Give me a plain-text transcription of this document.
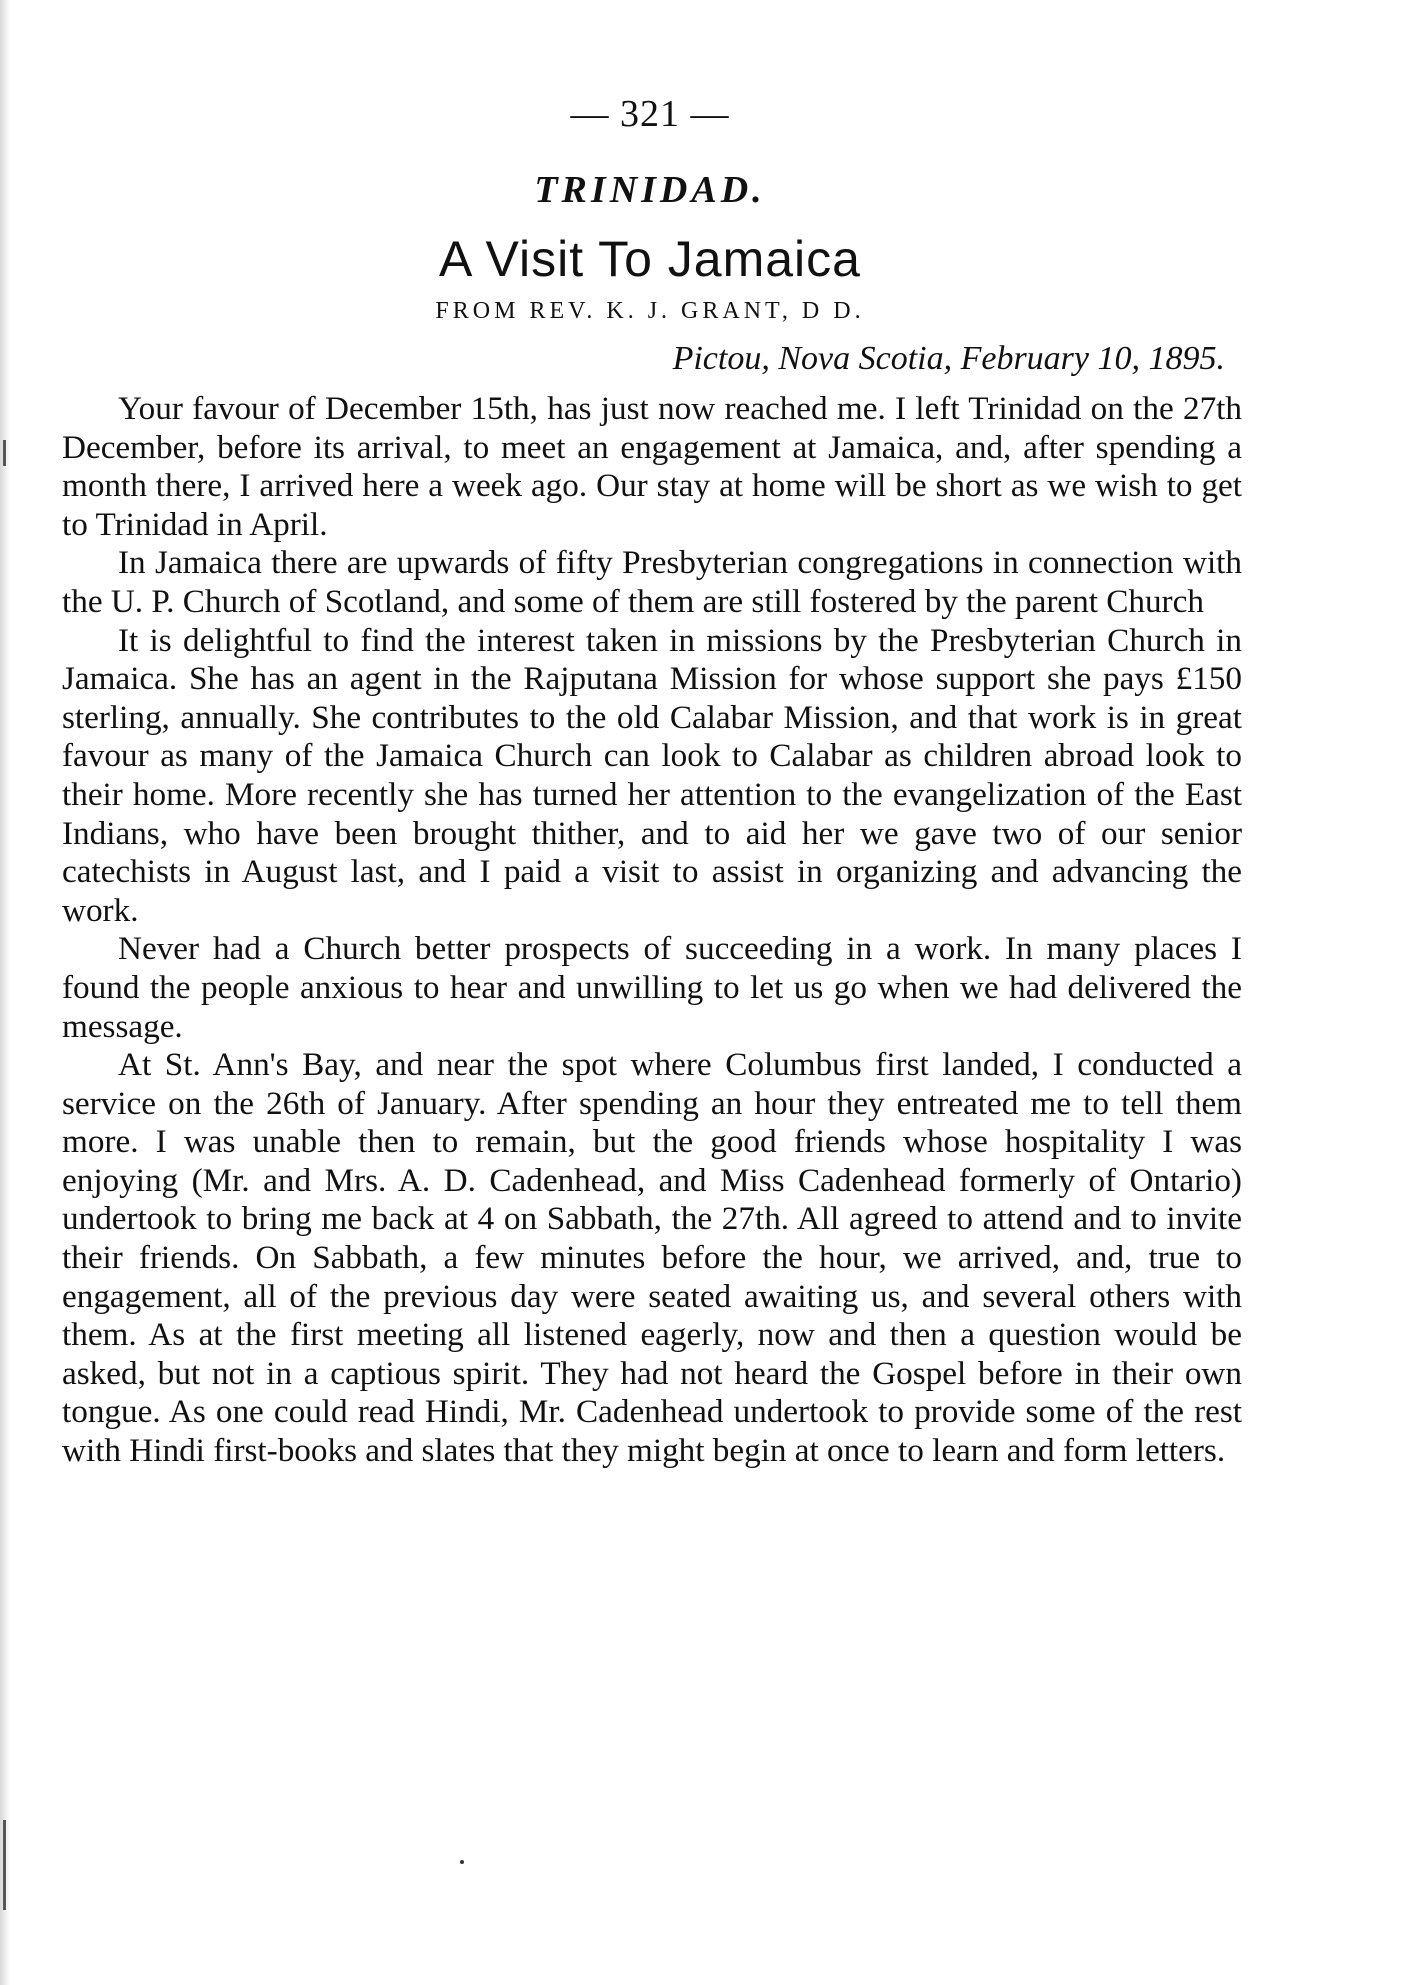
— 321 —
TRINIDAD.
A Visit To Jamaica
FROM REV. K. J. GRANT, D D.
Pictou, Nova Scotia, February 10, 1895.

Your favour of December 15th, has just now reached me. I left Trinidad on the 27th December, before its arrival, to meet an engagement at Jamaica, and, after spending a month there, I arrived here a week ago. Our stay at home will be short as we wish to get to Trinidad in April.

In Jamaica there are upwards of fifty Presbyterian congregations in connection with the U. P. Church of Scotland, and some of them are still fostered by the parent Church

It is delightful to find the interest taken in missions by the Presbyterian Church in Jamaica. She has an agent in the Rajputana Mission for whose support she pays £150 sterling, annually. She contributes to the old Calabar Mission, and that work is in great favour as many of the Jamaica Church can look to Calabar as children abroad look to their home. More recently she has turned her attention to the evangelization of the East Indians, who have been brought thither, and to aid her we gave two of our senior catechists in August last, and I paid a visit to assist in organizing and advancing the work.

Never had a Church better prospects of succeeding in a work. In many places I found the people anxious to hear and unwilling to let us go when we had delivered the message.

At St. Ann's Bay, and near the spot where Columbus first landed, I conducted a service on the 26th of January. After spending an hour they entreated me to tell them more. I was unable then to remain, but the good friends whose hospitality I was enjoying (Mr. and Mrs. A. D. Cadenhead, and Miss Cadenhead formerly of Ontario) undertook to bring me back at 4 on Sabbath, the 27th. All agreed to attend and to invite their friends. On Sabbath, a few minutes before the hour, we arrived, and, true to engagement, all of the previous day were seated awaiting us, and several others with them. As at the first meeting all listened eagerly, now and then a question would be asked, but not in a captious spirit. They had not heard the Gospel before in their own tongue. As one could read Hindi, Mr. Cadenhead undertook to provide some of the rest with Hindi first-books and slates that they might begin at once to learn and form letters.
